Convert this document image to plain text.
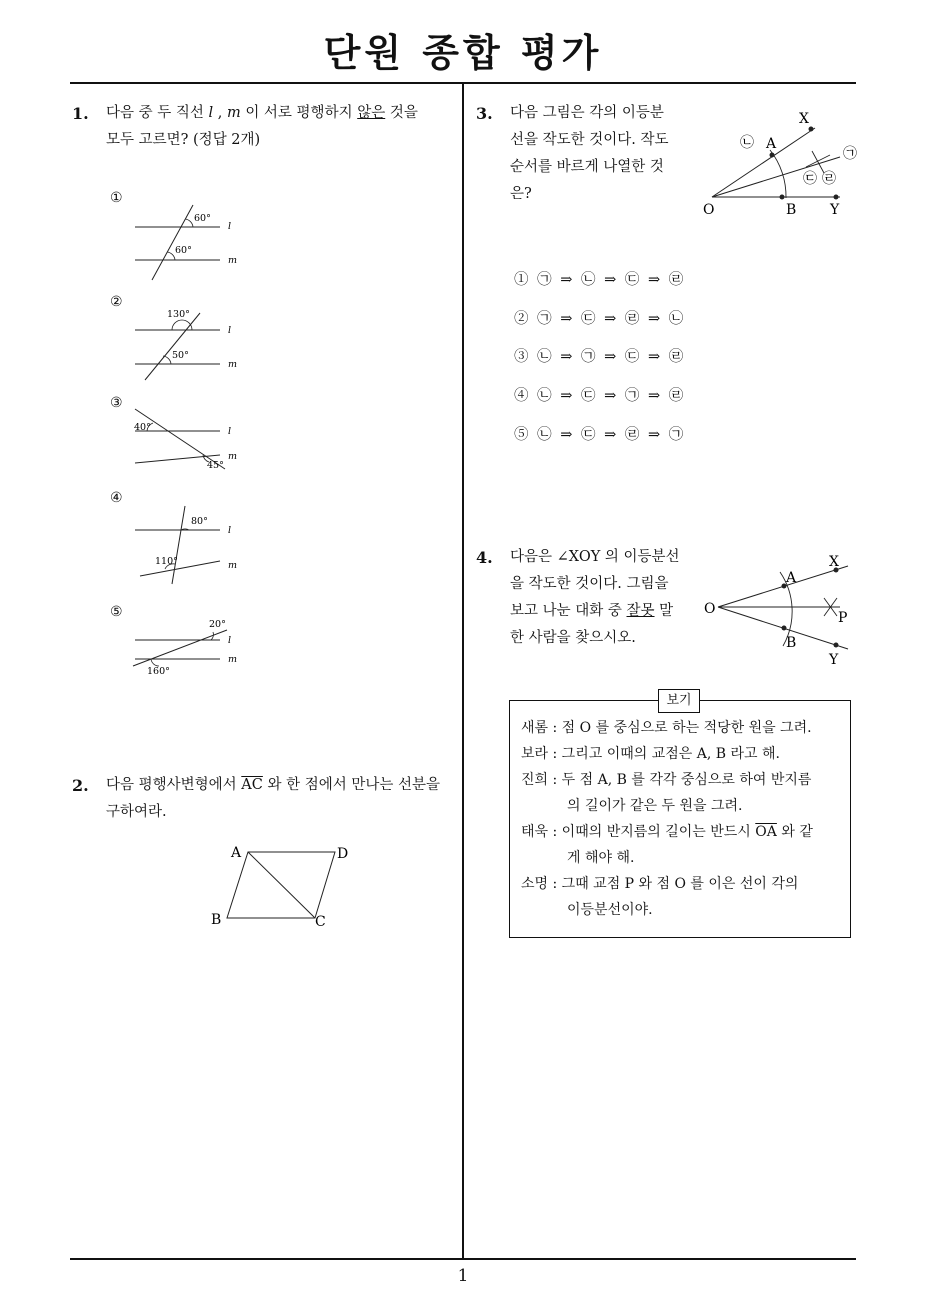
단원 종합 평가
1
1. 다음 중 두 직선 l , m 이 서로 평행하지 않은 것을
모두 고르면? (정답 2개)
①
60°
60°
l
m
②
130°
50°
l
m
③
40°
45°
l
m
④
80°
110°
l
m
⑤
20°
160°
l
m
2. 다음 평행사변형에서 $\overline{AC}$ 와 한 점에서 만나는 선분을
구하여라.
A	D
B	C
3. 다음 그림은 각의 이등분
선을 작도한 것이다. 작도
순서를 바르게 나열한 것
은?
X
A
O	B Y
㉠
㉡
㉢ ㉣
① ㉠ ⇒ ㉡ ⇒ ㉢ ⇒ ㉣
② ㉠ ⇒ ㉢ ⇒ ㉣ ⇒ ㉡
③ ㉡ ⇒ ㉠ ⇒ ㉢ ⇒ ㉣
④ ㉡ ⇒ ㉢ ⇒ ㉠ ⇒ ㉣
⑤ ㉡ ⇒ ㉢ ⇒ ㉣ ⇒ ㉠
4. 다음은 ∠XOY 의 이등분선
을 작도한 것이다. 그림을
보고 나눈 대화 중 잘못 말
한 사람을 찾으시오.
X
A
O
P
B
Y
보기
새롬 : 점 O 를 중심으로 하는 적당한 원을 그려.
보라 : 그리고 이때의 교점은 A, B 라고 해.
진희 : 두 점 A, B 를 각각 중심으로 하여 반지름
의 길이가 같은 두 원을 그려.
태욱 : 이때의 반지름의 길이는 반드시 $\overline{OA}$ 와 같
게 해야 해.
소명 : 그때 교점 P 와 점 O 를 이은 선이 각의
이등분선이야.
